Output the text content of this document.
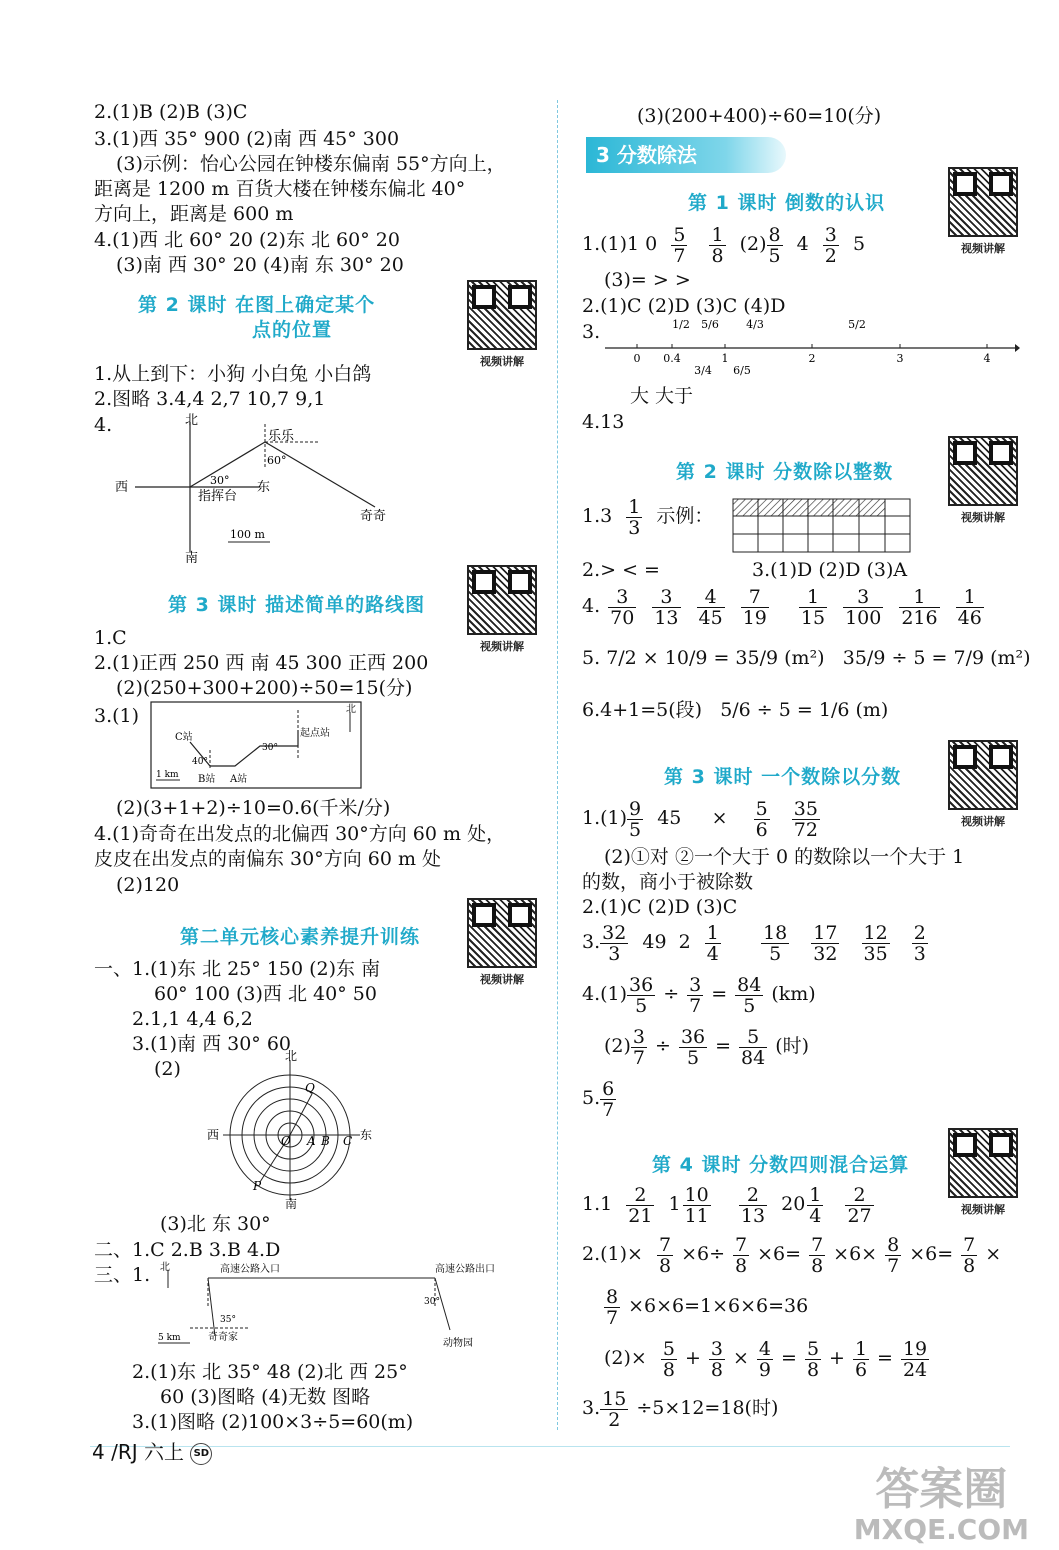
2.(1)B (2)B (3)C
3.(1)西 35° 900 (2)南 西 45° 300
(3)示例：怡心公园在钟楼东偏南 55°方向上，
距离是 1200 m 百货大楼在钟楼东偏北 40°
方向上，距离是 600 m
4.(1)西 北 60° 20 (2)东 北 60° 20
(3)南 西 30° 20 (4)南 东 30° 20
第 2 课时 在图上确定某个
点的位置
视频讲解
1.从上到下：小狗 小白兔 小白鸽
2.图略 3.4,4 2,7 10,7 9,1
4.	北
西	东
南
乐乐
奇奇
指挥台
30°
60°
100 m
第 3 课时 描述简单的路线图
视频讲解
1.C
2.(1)正西 250 西 南 45 300 正西 200
(2)(250+300+200)÷50=15(分)
3.(1)
C站
B站 A站
起点站
北
40°
30°
1 km
(2)(3+1+2)÷10=0.6(千米/分)
4.(1)奇奇在出发点的北偏西 30°方向 60 m 处，
皮皮在出发点的南偏东 30°方向 60 m 处
(2)120
第二单元核心素养提升训练
视频讲解
一、1.(1)东 北 25° 150 (2)东 南
60° 100 (3)西 北 40° 50
2.1,1 4,4 6,2
3.(1)南 西 30° 60
(2)
北
南
西	东
O A B C
Q
P
(3)北 东 30°
二、1.C 2.B 3.B 4.D
三、1. 北	高速公路入口	高速公路出口
动物园
奇奇家
35°
30°
5 km
2.(1)东 北 35° 48 (2)北 西 25°
60 (3)图略 (4)无数 图略
3.(1)图略 (2)100×3÷5=60(m)
(3)(200+400)÷60=10(分)
3 分数除法
第 1 课时 倒数的认识
视频讲解
1.(1)1 $0 \frac{5}{7}$
$\frac{1}{8} (2) \frac{8}{5} 4 \frac{3}{2} 5$
(3)= > >
2.(1)C (2)D (3)C (4)D
3.
0 0.4	1	2	3	4
1/2 5/6 4/3	5/2
3/4 6/5
大 大于
4.13
第 2 课时 分数除以整数
视频讲解
$1.3 \frac{1}{3}$ 示例：
2.> < =	3.(1)D (2)D (3)A
4. $\frac{3}{70} \frac{3}{13} \frac{4}{45} \frac{7}{19} \frac{1}{15} \frac{3}{100} \frac{1}{216} \frac{1}{46}$
5. 7/2 × 10/9 = 35/9 (m²) 35/9 ÷ 5 = 7/9 (m²)
6.4+1=5(段) 5/6 ÷ 5 = 1/6 (m)
第 3 课时 一个数除以分数
视频讲解
$1.(1) \frac{9}{5} 45 \times \frac{5}{6}$
$\frac{35}{72}$
(2)①对 ②一个大于 0 的数除以一个大于 1
的数，商小于被除数
2.(1)C (2)D (3)C
3. $\frac{32}{3} 49$ $2 \frac{1}{4}$
$\frac{18}{5}$
$\frac{17}{32}$
$\frac{12}{35}$
$\frac{2}{3}$
$4.(1) \frac{36}{5} \div \frac{3}{7} = \frac{84}{5} (km)$
$(2) \frac{3}{7} \div \frac{36}{5} = \frac{5}{84}$ (时)
5. $\frac{6}{7}$
第 4 课时 分数四则混合运算
视频讲解
$1.1 \frac{2}{21} 1 \frac{10}{11}$
$\frac{2}{13} 20 \frac{1}{4}$
$\frac{2}{27}$
$2.(1)\times \frac{7}{8} \times 6\div \frac{7}{8} \times 6= \frac{7}{8} \times 6\times \frac{8}{7} \times 6= \frac{7}{8}$ ×
$\frac{8}{7} \times 6\times 6=1\times 6\times 6=36$
$(2)\times \frac{5}{8} + \frac{3}{8} \times \frac{4}{9} = \frac{5}{8} + \frac{1}{6} = \frac{19}{24}$
3. $\frac{15}{2} \div 5\times 12=18$(时)
4 /RJ 六上 SD
答案圈
MXQE.COM
